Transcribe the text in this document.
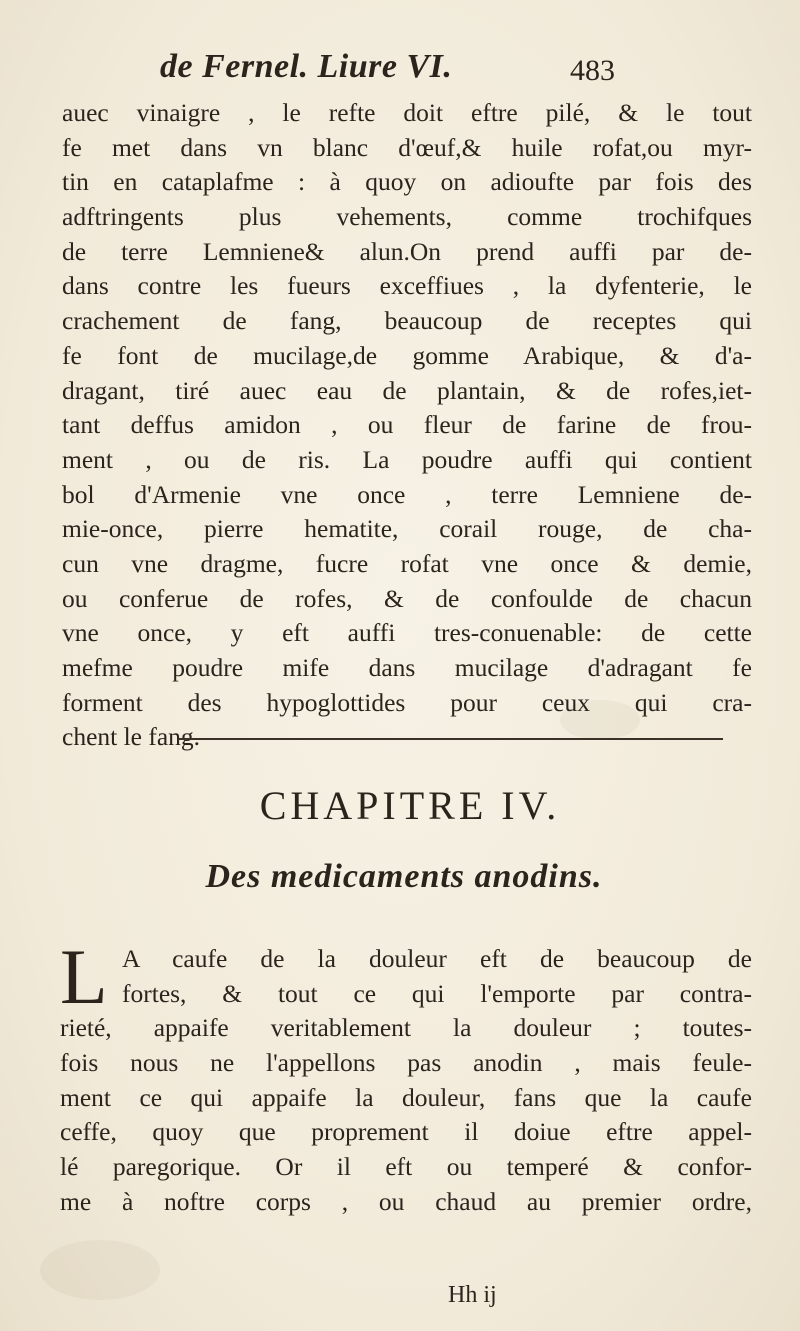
de Fernel. Liure VI.	483
auec vinaigre , le refte doit eftre pilé, & le tout
fe met dans vn blanc d'œuf,& huile rofat,ou myr-
tin en cataplafme : à quoy on adioufte par fois des
adftringents plus vehements, comme trochifques
de terre Lemniene& alun.On prend auffi par de-
dans contre les fueurs exceffiues , la dyfenterie, le
crachement de fang, beaucoup de receptes qui
fe font de mucilage,de gomme Arabique, & d'a-
dragant, tiré auec eau de plantain, & de rofes,iet-
tant deffus amidon , ou fleur de farine de frou-
ment , ou de ris. La poudre auffi qui contient
bol d'Armenie vne once , terre Lemniene de-
mie-once, pierre hematite, corail rouge, de cha-
cun vne dragme, fucre rofat vne once & demie,
ou conferue de rofes, & de confoulde de chacun
vne once, y eft auffi tres-conuenable: de cette
mefme poudre mife dans mucilage d'adragant fe
forment des hypoglottides pour ceux qui cra-
chent le fang.
CHAPITRE IV.
Des medicaments anodins.
L A caufe de la douleur eft de beaucoup de
fortes, & tout ce qui l'emporte par contra-
rieté, appaife veritablement la douleur ; toutes-
fois nous ne l'appellons pas anodin , mais feule-
ment ce qui appaife la douleur, fans que la caufe
ceffe, quoy que proprement il doiue eftre appel-
lé paregorique. Or il eft ou temperé & confor-
me à noftre corps , ou chaud au premier ordre,
Hh ij
